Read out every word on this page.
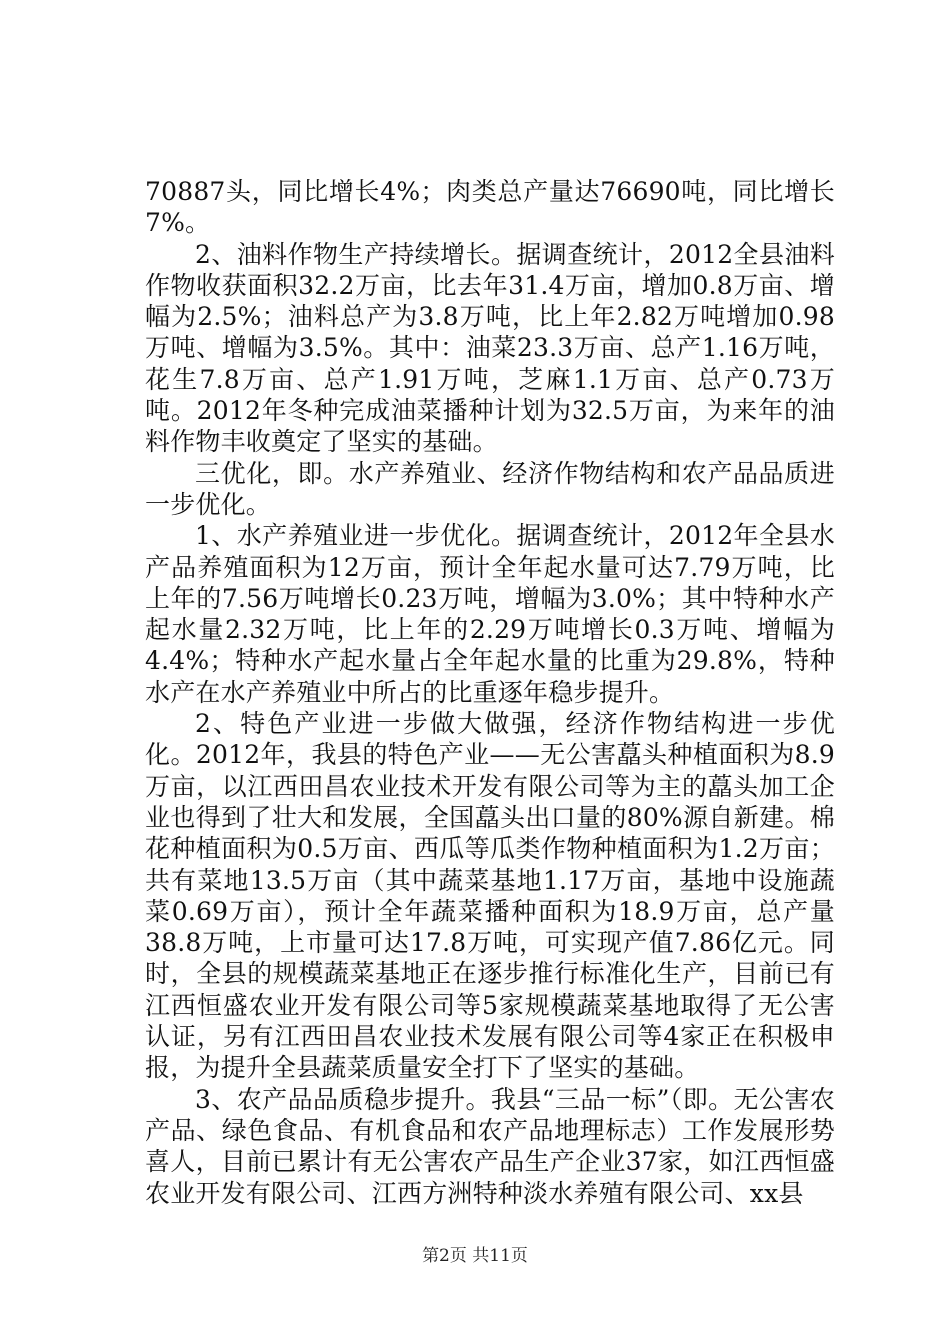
70887头，同比增长4%；肉类总产量达76690吨，同比增长7%。

2、油料作物生产持续增长。据调查统计，2012全县油料作物收获面积32.2万亩，比去年31.4万亩，增加0.8万亩、增幅为2.5%；油料总产为3.8万吨，比上年2.82万吨增加0.98万吨、增幅为3.5%。其中：油菜23.3万亩、总产1.16万吨，花生7.8万亩、总产1.91万吨，芝麻1.1万亩、总产0.73万吨。2012年冬种完成油菜播种计划为32.5万亩，为来年的油料作物丰收奠定了坚实的基础。

三优化，即。水产养殖业、经济作物结构和农产品品质进一步优化。

1、水产养殖业进一步优化。据调查统计，2012年全县水产品养殖面积为12万亩，预计全年起水量可达7.79万吨，比上年的7.56万吨增长0.23万吨，增幅为3.0%；其中特种水产起水量2.32万吨，比上年的2.29万吨增长0.3万吨、增幅为4.4%；特种水产起水量占全年起水量的比重为29.8%，特种水产在水产养殖业中所占的比重逐年稳步提升。

2、特色产业进一步做大做强，经济作物结构进一步优化。2012年，我县的特色产业——无公害藠头种植面积为8.9万亩，以江西田昌农业技术开发有限公司等为主的藠头加工企业也得到了壮大和发展，全国藠头出口量的80%源自新建。棉花种植面积为0.5万亩、西瓜等瓜类作物种植面积为1.2万亩；共有菜地13.5万亩（其中蔬菜基地1.17万亩，基地中设施蔬菜0.69万亩），预计全年蔬菜播种面积为18.9万亩，总产量38.8万吨，上市量可达17.8万吨，可实现产值7.86亿元。同时，全县的规模蔬菜基地正在逐步推行标准化生产，目前已有江西恒盛农业开发有限公司等5家规模蔬菜基地取得了无公害认证，另有江西田昌农业技术发展有限公司等4家正在积极申报，为提升全县蔬菜质量安全打下了坚实的基础。

3、农产品品质稳步提升。我县“三品一标”（即。无公害农产品、绿色食品、有机食品和农产品地理标志）工作发展形势喜人，目前已累计有无公害农产品生产企业37家，如江西恒盛农业开发有限公司、江西方洲特种淡水养殖有限公司、xx县

第2页 共11页
